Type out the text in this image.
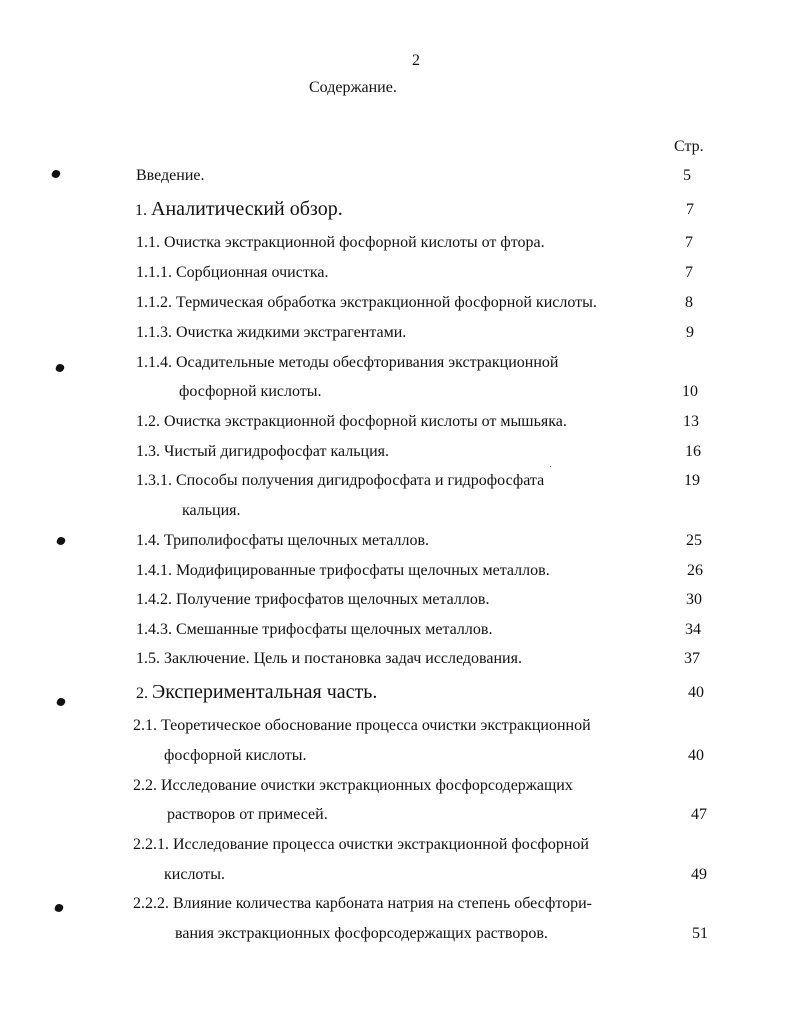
2
Содержание.
Стр.
Введение.	5
1. Аналитический обзор.	7
1.1. Очистка экстракционной фосфорной кислоты от фтора.	7
1.1.1. Сорбционная очистка.	7
1.1.2. Термическая обработка экстракционной фосфорной кислоты.	8
1.1.3. Очистка жидкими экстрагентами.	9
1.1.4. Осадительные методы обесфторивания экстракционной
фосфорной кислоты.	10
1.2. Очистка экстракционной фосфорной кислоты от мышьяка.	13
1.3. Чистый дигидрофосфат кальция.	16
1.3.1. Способы получения дигидрофосфата и гидрофосфата	19
кальция.
1.4. Триполифосфаты щелочных металлов.	25
1.4.1. Модифицированные трифосфаты щелочных металлов.	26
1.4.2. Получение трифосфатов щелочных металлов.	30
1.4.3. Смешанные трифосфаты щелочных металлов.	34
1.5. Заключение. Цель и постановка задач исследования.	37
2. Экспериментальная часть.	40
2.1. Теоретическое обоснование процесса очистки экстракционной
фосфорной кислоты.	40
2.2. Исследование очистки экстракционных фосфорсодержащих
растворов от примесей.	47
2.2.1. Исследование процесса очистки экстракционной фосфорной
кислоты.	49
2.2.2. Влияние количества карбоната натрия на степень обесфтори-
вания экстракционных фосфорсодержащих растворов.	51
